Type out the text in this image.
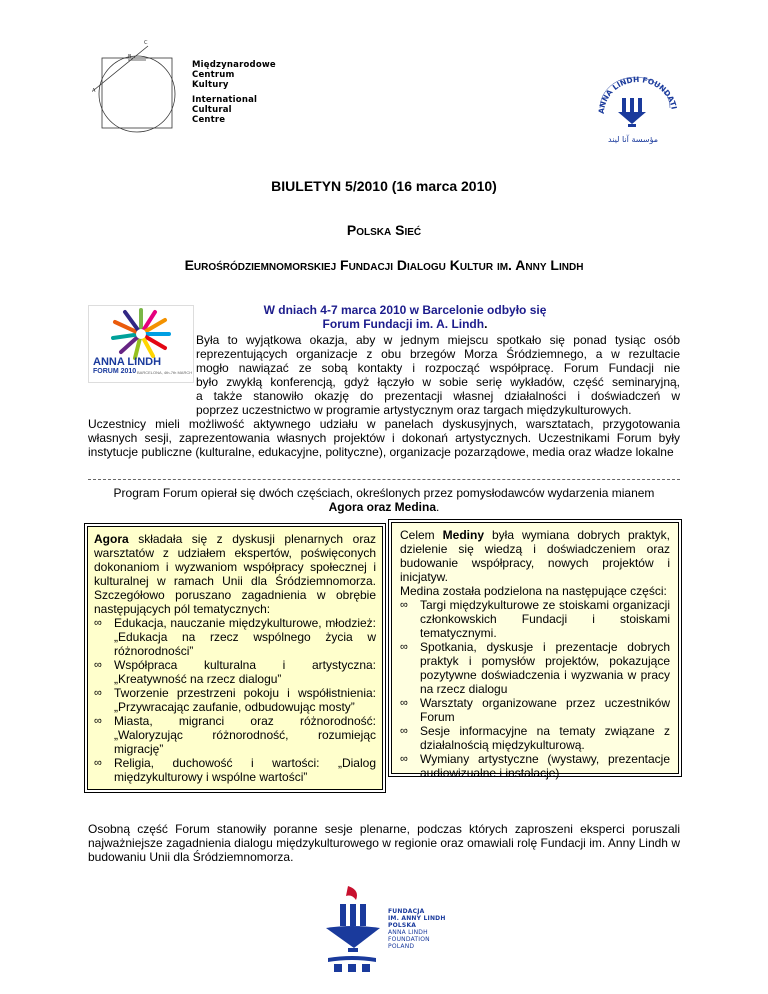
C
B
A
Międzynarodowe
Centrum
Kultury
International
Cultural
Centre
ANNA LINDH FOUNDATI
مؤسسة آنا ليند
BIULETYN 5/2010 (16 marca 2010)
Polska Sieć
Eurośródziemnomorskiej Fundacji Dialogu Kultur im. Anny Lindh
W dniach 4-7 marca 2010 w Barcelonie odbyło się
Forum Fundacji im. A. Lindh.
ANNA LINDH
FORUM 2010 BARCELONA, 4th-7th MARCH
Była to wyjątkowa okazja, aby w jednym miejscu spotkało się ponad tysiąc osób
reprezentujących organizacje z obu brzegów Morza Śródziemnego, a w rezultacie
mogło nawiązać ze sobą kontakty i rozpocząć współpracę. Forum Fundacji nie
było zwykłą konferencją, gdyż łączyło w sobie serię wykładów, część seminaryjną,
a także stanowiło okazję do prezentacji własnej działalności i doświadczeń w
poprzez uczestnictwo w programie artystycznym oraz targach międzykulturowych.
Uczestnicy mieli możliwość aktywnego udziału w panelach dyskusyjnych, warsztatach, przygotowania własnych sesji, zaprezentowania własnych projektów i dokonań artystycznych. Uczestnikami Forum były instytucje publiczne (kulturalne, edukacyjne, polityczne), organizacje pozarządowe, media oraz władze lokalne
Program Forum opierał się dwóch częściach, określonych przez pomysłodawców wydarzenia mianem
Agora oraz Medina.
Agora składała się z dyskusji plenarnych oraz warsztatów z udziałem ekspertów, poświęconych dokonaniom i wyzwaniom współpracy społecznej i kulturalnej w ramach Unii dla Śródziemnomorza. Szczegółowo poruszano zagadnienia w obrębie następujących pól tematycznych:
∞ Edukacja, nauczanie międzykulturowe, młodzież: „Edukacja na rzecz wspólnego życia w różnorodności”
∞ Współpraca kulturalna i artystyczna: „Kreatywność na rzecz dialogu”
∞ Tworzenie przestrzeni pokoju i współistnienia: „Przywracając zaufanie, odbudowując mosty”
∞ Miasta, migranci oraz różnorodność: „Waloryzując różnorodność, rozumiejąc migrację”
∞ Religia, duchowość i wartości: „Dialog międzykulturowy i wspólne wartości”
Celem Mediny była wymiana dobrych praktyk, dzielenie się wiedzą i doświadczeniem oraz budowanie współpracy, nowych projektów i inicjatyw.
Medina została podzielona na następujące części:
∞ Targi międzykulturowe ze stoiskami organizacji członkowskich Fundacji i stoiskami tematycznymi.
∞ Spotkania, dyskusje i prezentacje dobrych praktyk i pomysłów projektów, pokazujące pozytywne doświadczenia i wyzwania w pracy na rzecz dialogu
∞ Warsztaty organizowane przez uczestników Forum
∞ Sesje informacyjne na tematy związane z działalnością międzykulturową.
∞ Wymiany artystyczne (wystawy, prezentacje audiowizualne i instalacje)
Osobną część Forum stanowiły poranne sesje plenarne, podczas których zaproszeni eksperci poruszali najważniejsze zagadnienia dialogu międzykulturowego w regionie oraz omawiali rolę Fundacji im. Anny Lindh w budowaniu Unii dla Śródziemnomorza.
FUNDACJA
IM. ANNY LINDH
POLSKA
ANNA LINDH
FOUNDATION
POLAND
